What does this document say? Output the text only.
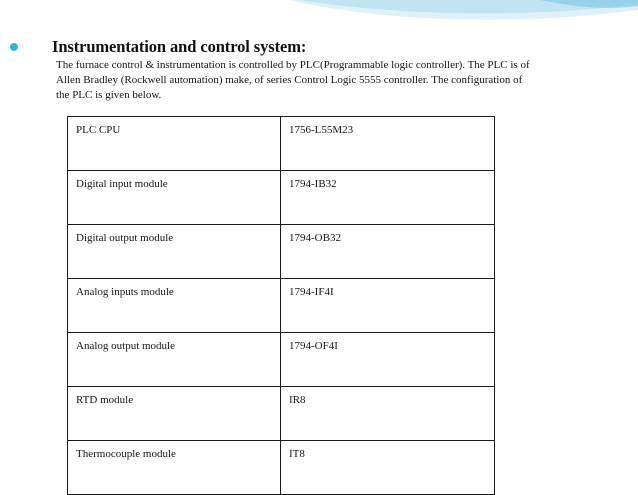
Instrumentation and control system:
The furnace control & instrumentation is controlled by PLC(Programmable logic controller). The PLC is of
Allen Bradley (Rockwell automation) make, of series Control Logic 5555 controller. The configuration of
the PLC is given below.
PLC CPU	1756-L55M23
Digital input module	1794-IB32
Digital output module	1794-OB32
Analog inputs module	1794-IF4I
Analog output module	1794-OF4I
RTD module	IR8
Thermocouple module	IT8
